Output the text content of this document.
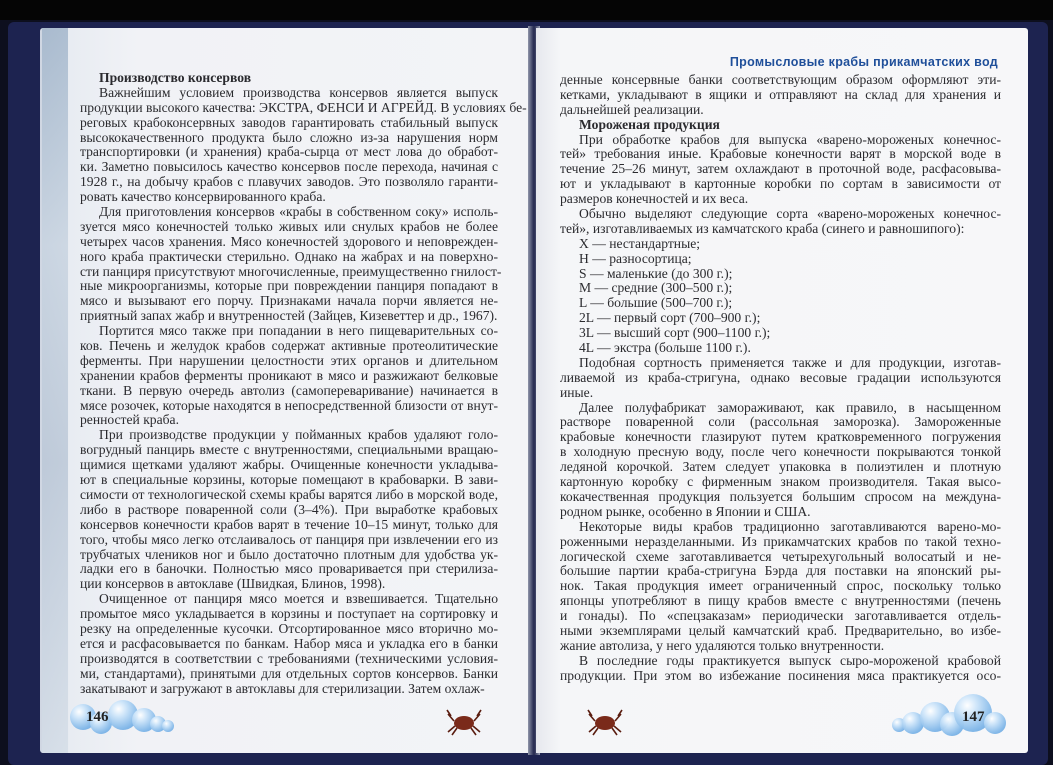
Производство консервов
Важнейшим условием производства консервов является выпуск
продукции высокого качества: ЭКСТРА, ФЕНСИ И АГРЕЙД. В условиях бе-
реговых крабоконсервных заводов гарантировать стабильный выпуск
высококачественного продукта было сложно из-за нарушения норм
транспортировки (и хранения) краба-сырца от мест лова до обработ-
ки. Заметно повысилось качество консервов после перехода, начиная с
1928 г., на добычу крабов с плавучих заводов. Это позволяло гаранти-
ровать качество консервированного краба.
Для приготовления консервов «крабы в собственном соку» исполь-
зуется мясо конечностей только живых или снулых крабов не более
четырех часов хранения. Мясо конечностей здорового и неповрежден-
ного краба практически стерильно. Однако на жабрах и на поверхно-
сти панциря присутствуют многочисленные, преимущественно гнилост-
ные микроорганизмы, которые при повреждении панциря попадают в
мясо и вызывают его порчу. Признаками начала порчи является не-
приятный запах жабр и внутренностей (Зайцев, Кизеветтер и др., 1967).
Портится мясо также при попадании в него пищеварительных со-
ков. Печень и желудок крабов содержат активные протеолитические
ферменты. При нарушении целостности этих органов и длительном
хранении крабов ферменты проникают в мясо и разжижают белковые
ткани. В первую очередь автолиз (самопереваривание) начинается в
мясе розочек, которые находятся в непосредственной близости от внут-
ренностей краба.
При производстве продукции у пойманных крабов удаляют голо-
вогрудный панцирь вместе с внутренностями, специальными вращаю-
щимися щетками удаляют жабры. Очищенные конечности укладыва-
ют в специальные корзины, которые помещают в крабоварки. В зави-
симости от технологической схемы крабы варятся либо в морской воде,
либо в растворе поваренной соли (3–4%). При выработке крабовых
консервов конечности крабов варят в течение 10–15 минут, только для
того, чтобы мясо легко отслаивалось от панциря при извлечении его из
трубчатых члеников ног и было достаточно плотным для удобства ук-
ладки его в баночки. Полностью мясо проваривается при стерилиза-
ции консервов в автоклаве (Швидкая, Блинов, 1998).
Очищенное от панциря мясо моется и взвешивается. Тщательно
промытое мясо укладывается в корзины и поступает на сортировку и
резку на определенные кусочки. Отсортированное мясо вторично мо-
ется и расфасовывается по банкам. Набор мяса и укладка его в банки
производятся в соответствии с требованиями (техническими условия-
ми, стандартами), принятыми для отдельных сортов консервов. Банки
закатывают и загружают в автоклавы для стерилизации. Затем охлаж-
146
Промысловые крабы прикамчатских вод
денные консервные банки соответствующим образом оформляют эти-
кетками, укладывают в ящики и отправляют на склад для хранения и
дальнейшей реализации.
Мороженая продукция
При обработке крабов для выпуска «варено-мороженых конечнос-
тей» требования иные. Крабовые конечности варят в морской воде в
течение 25–26 минут, затем охлаждают в проточной воде, расфасовыва-
ют и укладывают в картонные коробки по сортам в зависимости от
размеров конечностей и их веса.
Обычно выделяют следующие сорта «варено-мороженых конечнос-
тей», изготавливаемых из камчатского краба (синего и равношипого):
X — нестандартные;
H — разносортица;
S — маленькие (до 300 г.);
M — средние (300–500 г.);
L — большие (500–700 г.);
2L — первый сорт (700–900 г.);
3L — высший сорт (900–1100 г.);
4L — экстра (больше 1100 г.).
Подобная сортность применяется также и для продукции, изготав-
ливаемой из краба-стригуна, однако весовые градации используются
иные.
Далее полуфабрикат замораживают, как правило, в насыщенном
растворе поваренной соли (рассольная заморозка). Замороженные
крабовые конечности глазируют путем кратковременного погружения
в холодную пресную воду, после чего конечности покрываются тонкой
ледяной корочкой. Затем следует упаковка в полиэтилен и плотную
картонную коробку с фирменным знаком производителя. Такая высо-
кокачественная продукция пользуется большим спросом на междуна-
родном рынке, особенно в Японии и США.
Некоторые виды крабов традиционно заготавливаются варено-мо-
роженными неразделанными. Из прикамчатских крабов по такой техно-
логической схеме заготавливается четырехугольный волосатый и не-
большие партии краба-стригуна Бэрда для поставки на японский ры-
нок. Такая продукция имеет ограниченный спрос, поскольку только
японцы употребляют в пищу крабов вместе с внутренностями (печень
и гонады). По «спецзаказам» периодически заготавливается отдель-
ными экземплярами целый камчатский краб. Предварительно, во избе-
жание автолиза, у него удаляются только внутренности.
В последние годы практикуется выпуск сыро-мороженой крабовой
продукции. При этом во избежание посинения мяса практикуется осо-
147
